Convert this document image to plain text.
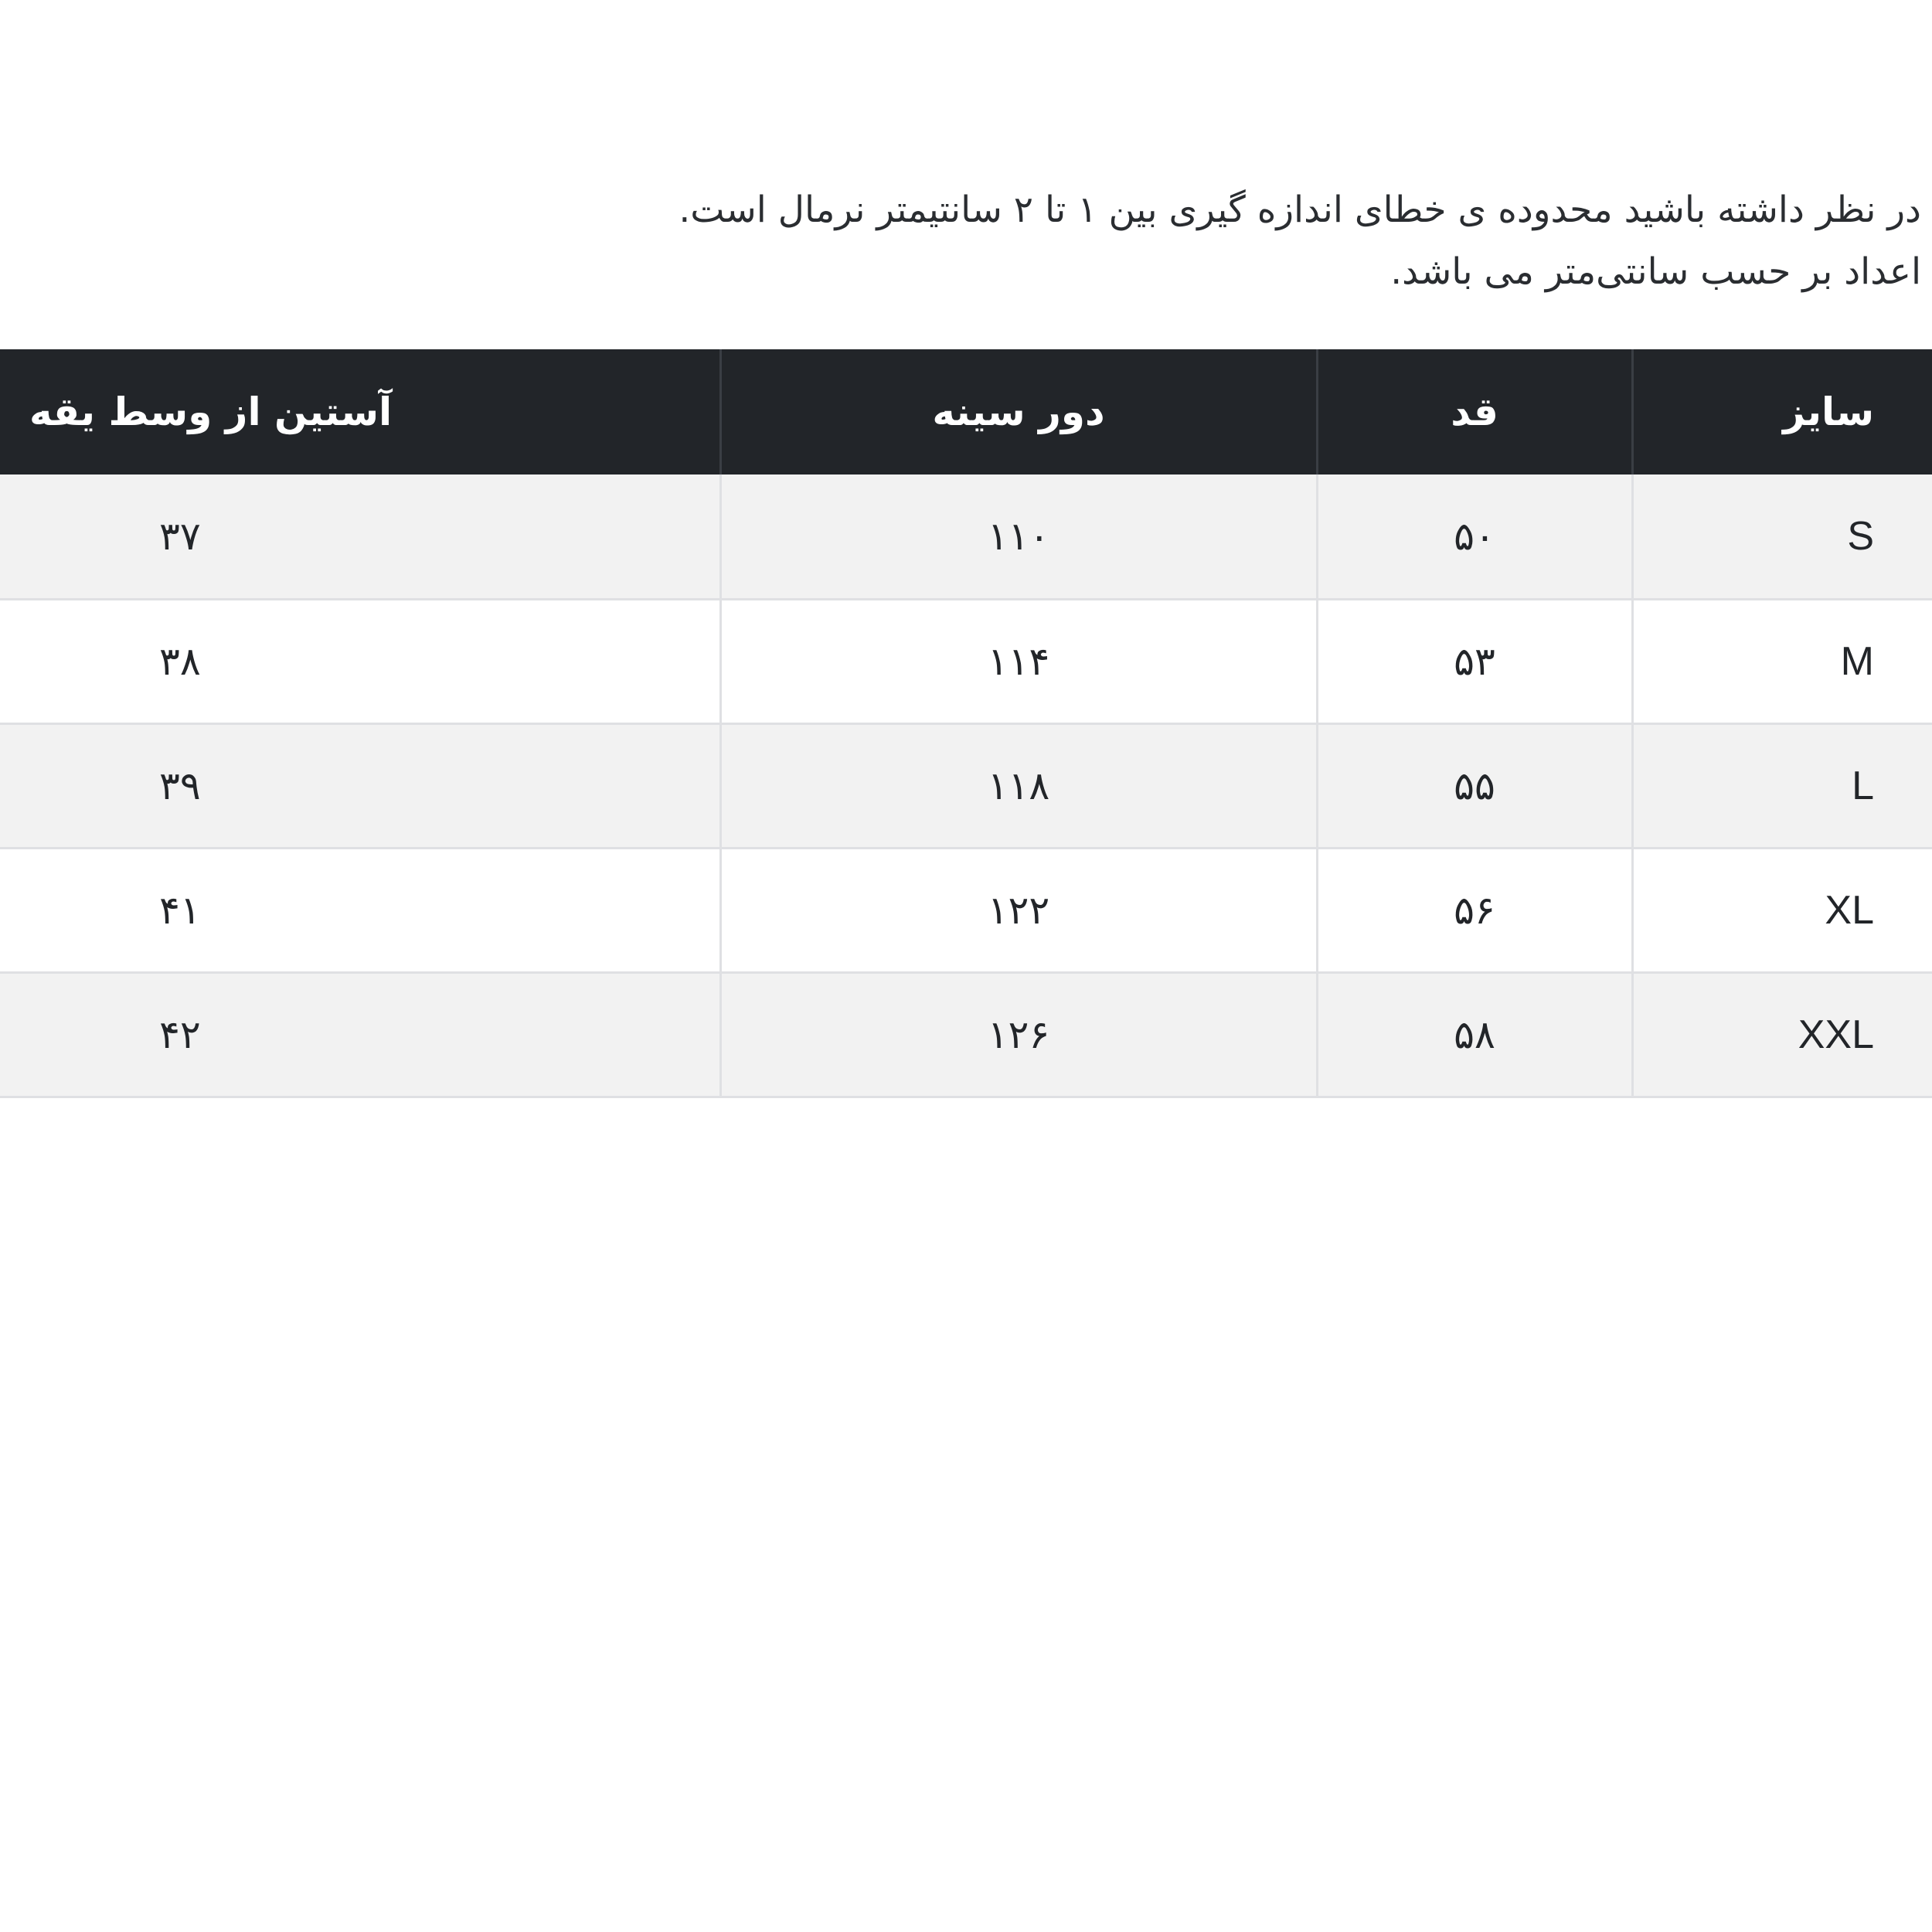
در نظر داشته باشید محدوده ی خطای اندازه گیری بین ۱ تا ۲ سانتیمتر نرمال است.

اعداد بر حسب سانتی‌متر می باشد.

سایز	قد	دور سینه	آستین از وسط یقه
S	۵۰	۱۱۰	۳۷
M	۵۳	۱۱۴	۳۸
L	۵۵	۱۱۸	۳۹
XL	۵۶	۱۲۲	۴۱
XXL	۵۸	۱۲۶	۴۲
